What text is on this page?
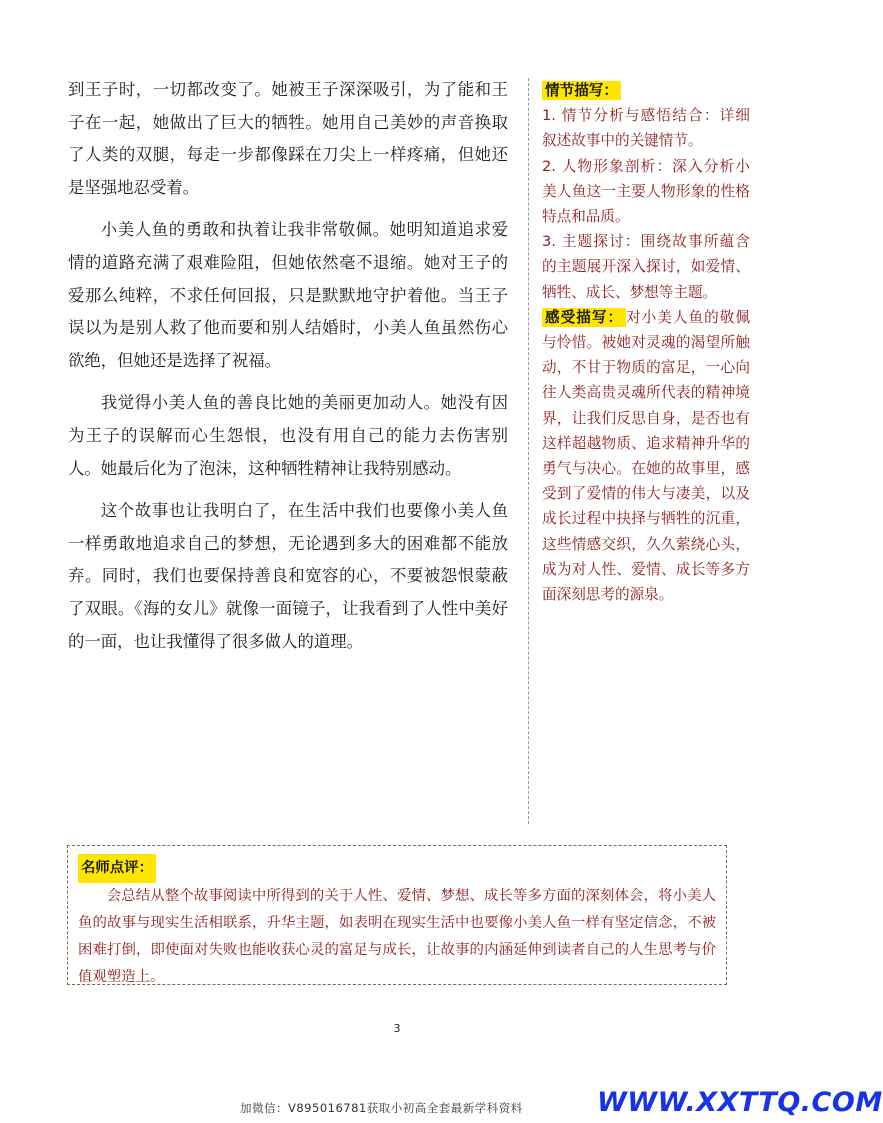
到王子时，一切都改变了。她被王子深深吸引，为了能和王子在一起，她做出了巨大的牺牲。她用自己美妙的声音换取了人类的双腿，每走一步都像踩在刀尖上一样疼痛，但她还是坚强地忍受着。

小美人鱼的勇敢和执着让我非常敬佩。她明知道追求爱情的道路充满了艰难险阻，但她依然毫不退缩。她对王子的爱那么纯粹，不求任何回报，只是默默地守护着他。当王子误以为是别人救了他而要和别人结婚时，小美人鱼虽然伤心欲绝，但她还是选择了祝福。

我觉得小美人鱼的善良比她的美丽更加动人。她没有因为王子的误解而心生怨恨，也没有用自己的能力去伤害别人。她最后化为了泡沫，这种牺牲精神让我特别感动。

这个故事也让我明白了，在生活中我们也要像小美人鱼一样勇敢地追求自己的梦想，无论遇到多大的困难都不能放弃。同时，我们也要保持善良和宽容的心，不要被怨恨蒙蔽了双眼。《海的女儿》就像一面镜子，让我看到了人性中美好的一面，也让我懂得了很多做人的道理。

情节描写：

1. 情节分析与感悟结合：详细叙述故事中的关键情节。

2. 人物形象剖析：深入分析小美人鱼这一主要人物形象的性格特点和品质。

3. 主题探讨：围绕故事所蕴含的主题展开深入探讨，如爱情、牺牲、成长、梦想等主题。

感受描写： 对小美人鱼的敬佩与怜惜。被她对灵魂的渴望所触动，不甘于物质的富足，一心向往人类高贵灵魂所代表的精神境界，让我们反思自身，是否也有这样超越物质、追求精神升华的勇气与决心。在她的故事里，感受到了爱情的伟大与凄美，以及成长过程中抉择与牺牲的沉重，这些情感交织，久久萦绕心头，成为对人性、爱情、成长等多方面深刻思考的源泉。

名师点评：

会总结从整个故事阅读中所得到的关于人性、爱情、梦想、成长等多方面的深刻体会，将小美人鱼的故事与现实生活相联系，升华主题，如表明在现实生活中也要像小美人鱼一样有坚定信念，不被困难打倒，即使面对失败也能收获心灵的富足与成长，让故事的内涵延伸到读者自己的人生思考与价值观塑造上。

3
加微信：V895016781获取小初高全套最新学科资料	WWW.XXTTQ.COM
